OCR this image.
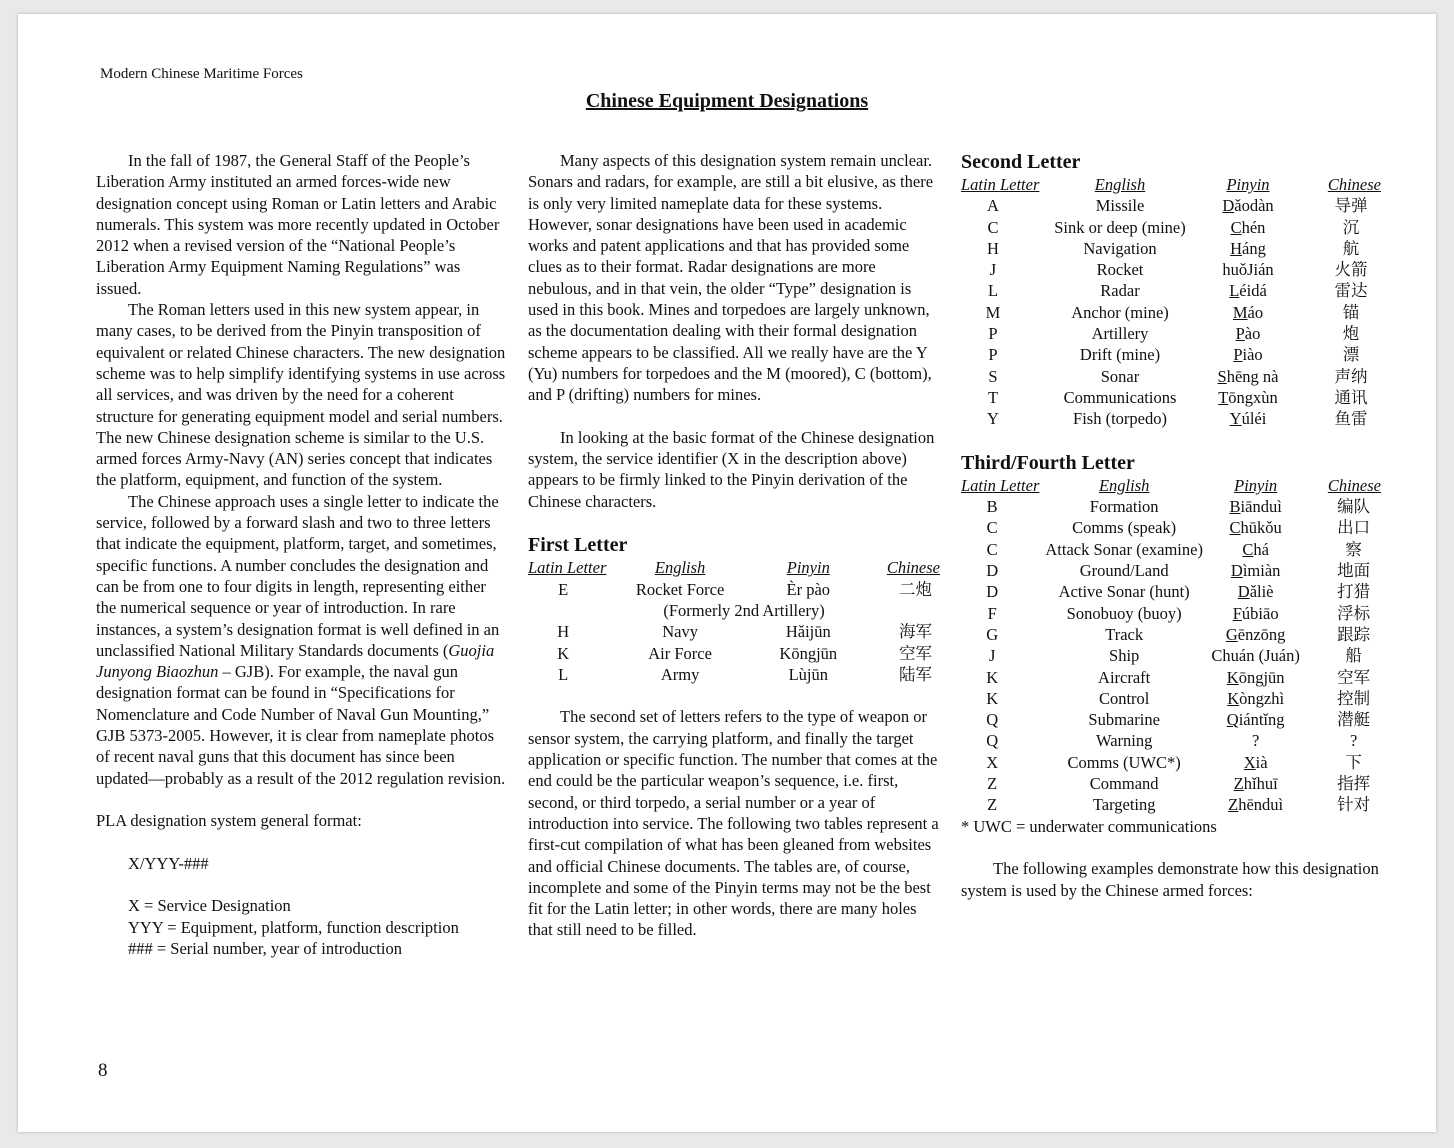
Modern Chinese Maritime Forces
Chinese Equipment Designations

In the fall of 1987, the General Staff of the People’s Liberation Army instituted an armed forces-wide new designation concept using Roman or Latin letters and Arabic numerals. This system was more recently updated in October 2012 when a revised version of the “National People’s Liberation Army Equipment Naming Regulations” was issued.

The Roman letters used in this new system appear, in many cases, to be derived from the Pinyin transposition of equivalent or related Chinese characters. The new designation scheme was to help simplify identifying systems in use across all services, and was driven by the need for a coherent structure for generating equipment model and serial numbers. The new Chinese designation scheme is similar to the U.S. armed forces Army-Navy (AN) series concept that indicates the platform, equipment, and function of the system.

The Chinese approach uses a single letter to indicate the service, followed by a forward slash and two to three letters that indicate the equipment, platform, target, and sometimes, specific functions. A number concludes the designation and can be from one to four digits in length, representing either the numerical sequence or year of introduction. In rare instances, a system’s designation format is well defined in an unclassified National Military Standards documents (Guojia Junyong Biaozhun – GJB). For example, the naval gun designation format can be found in “Specifications for Nomenclature and Code Number of Naval Gun Mounting,” GJB 5373-2005. However, it is clear from nameplate photos of recent naval guns that this document has since been updated—probably as a result of the 2012 regulation revision.

PLA designation system general format:

X/YYY-###

X = Service Designation

YYY = Equipment, platform, function description

### = Serial number, year of introduction

Many aspects of this designation system remain unclear. Sonars and radars, for example, are still a bit elusive, as there is only very limited nameplate data for these systems. However, sonar designations have been used in academic works and patent applications and that has provided some clues as to their format. Radar designations are more nebulous, and in that vein, the older “Type” designation is used in this book. Mines and torpedoes are largely unknown, as the documentation dealing with their formal designation scheme appears to be classified. All we really have are the Y (Yu) numbers for torpedoes and the M (moored), C (bottom), and P (drifting) numbers for mines.

In looking at the basic format of the Chinese designation system, the service identifier (X in the description above) appears to be firmly linked to the Pinyin derivation of the Chinese characters.

First Letter
Latin Letter	English	Pinyin	Chinese
E	Rocket Force	Èr pào	二炮
	(Formerly 2nd Artillery)		
H	Navy	Hǎijūn	海军
K	Air Force	Kōngjūn	空军
L	Army	Lùjūn	陆军

The second set of letters refers to the type of weapon or sensor system, the carrying platform, and finally the target application or specific function. The number that comes at the end could be the particular weapon’s sequence, i.e. first, second, or third torpedo, a serial number or a year of introduction into service. The following two tables represent a first-cut compilation of what has been gleaned from websites and official Chinese documents. The tables are, of course, incomplete and some of the Pinyin terms may not be the best fit for the Latin letter; in other words, there are many holes that still need to be filled.

Second Letter
Latin Letter	English	Pinyin	Chinese
A	Missile	Dǎodàn	导弹
C	Sink or deep (mine)	Chén	沉
H	Navigation	Háng	航
J	Rocket	huǒJián	火箭
L	Radar	Léidá	雷达
M	Anchor (mine)	Máo	锚
P	Artillery	Pào	炮
P	Drift (mine)	Piào	漂
S	Sonar	Shēng nà	声纳
T	Communications	Tōngxùn	通讯
Y	Fish (torpedo)	Yúléi	鱼雷
Third/Fourth Letter
Latin Letter	English	Pinyin	Chinese
B	Formation	Biānduì	编队
C	Comms (speak)	Chūkǒu	出口
C	Attack Sonar (examine)	Chá	察
D	Ground/Land	Dìmiàn	地面
D	Active Sonar (hunt)	Dǎliè	打猎
F	Sonobuoy (buoy)	Fúbiāo	浮标
G	Track	Gēnzōng	跟踪
J	Ship	Chuán (Juán)	船
K	Aircraft	Kōngjūn	空军
K	Control	Kòngzhì	控制
Q	Submarine	Qiántǐng	潜艇
Q	Warning	?	?
X	Comms (UWC*)	Xià	下
Z	Command	Zhǐhuī	指挥
Z	Targeting	Zhēnduì	针对

* UWC = underwater communications

The following examples demonstrate how this designation system is used by the Chinese armed forces:

8
